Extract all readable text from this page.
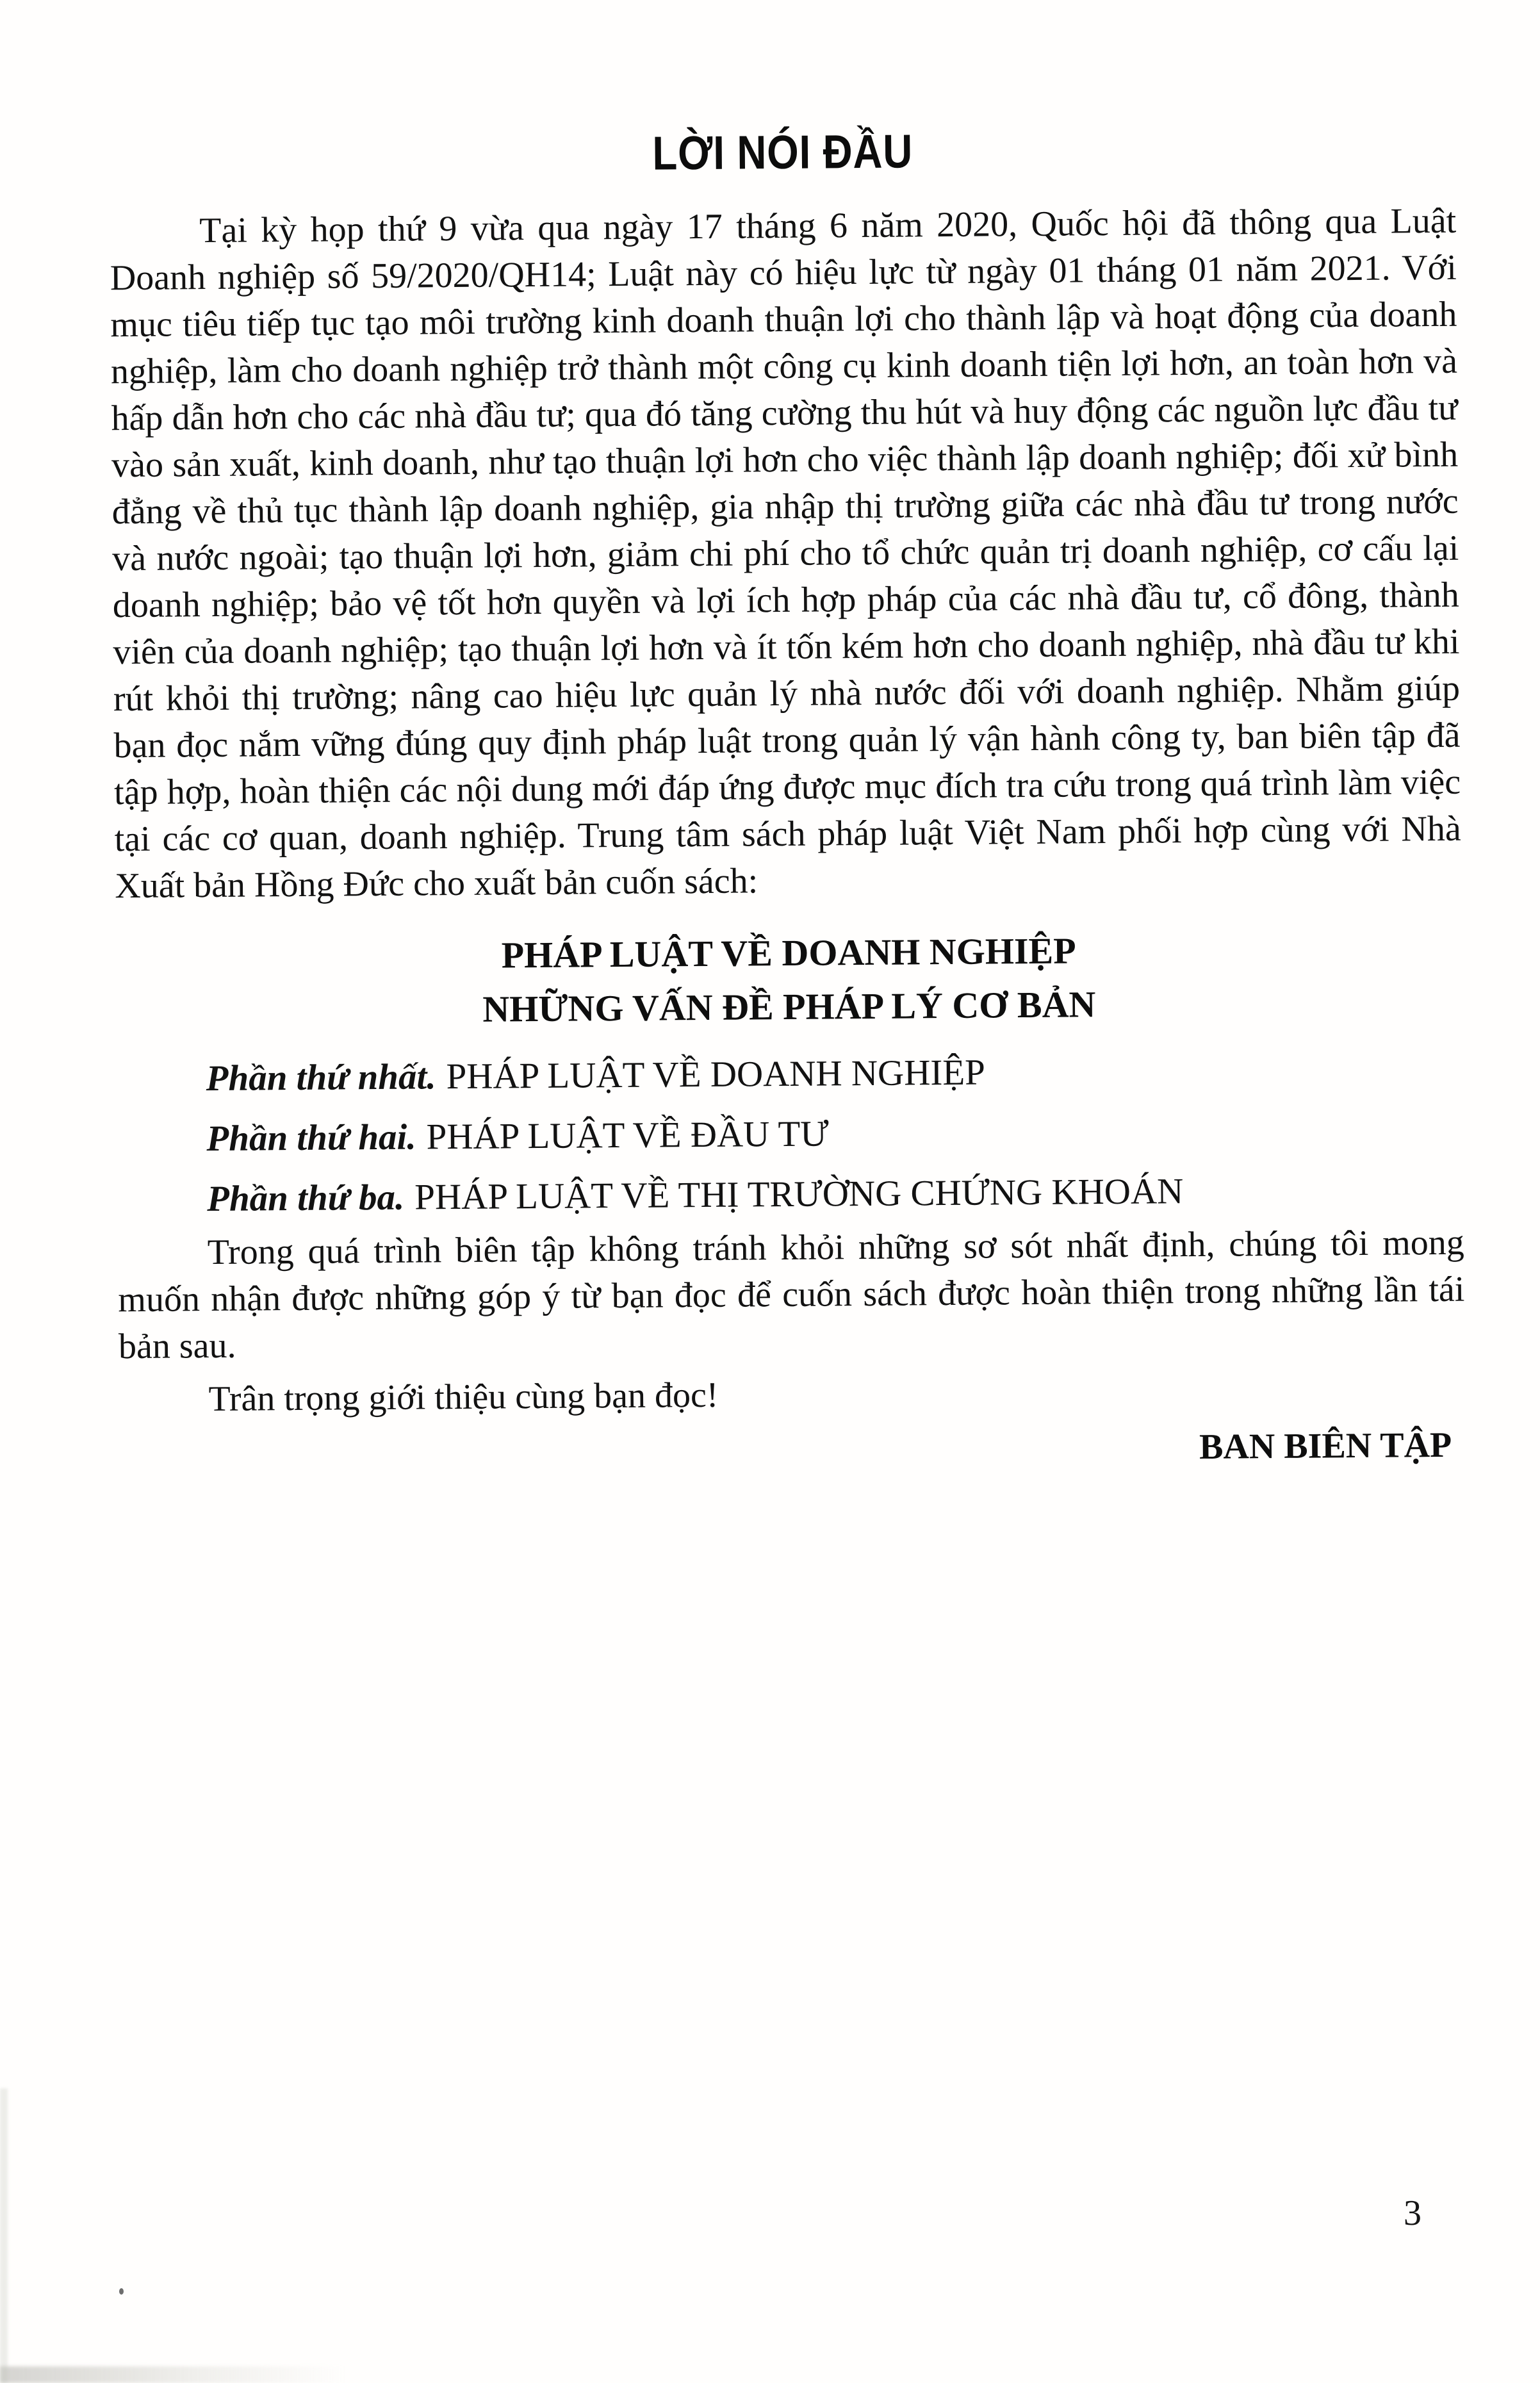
LỜI NÓI ĐẦU

Tại kỳ họp thứ 9 vừa qua ngày 17 tháng 6 năm 2020, Quốc hội đã thông qua Luật Doanh nghiệp số 59/2020/QH14; Luật này có hiệu lực từ ngày 01 tháng 01 năm 2021. Với mục tiêu tiếp tục tạo môi trường kinh doanh thuận lợi cho thành lập và hoạt động của doanh nghiệp, làm cho doanh nghiệp trở thành một công cụ kinh doanh tiện lợi hơn, an toàn hơn và hấp dẫn hơn cho các nhà đầu tư; qua đó tăng cường thu hút và huy động các nguồn lực đầu tư vào sản xuất, kinh doanh, như tạo thuận lợi hơn cho việc thành lập doanh nghiệp; đối xử bình đẳng về thủ tục thành lập doanh nghiệp, gia nhập thị trường giữa các nhà đầu tư trong nước và nước ngoài; tạo thuận lợi hơn, giảm chi phí cho tổ chức quản trị doanh nghiệp, cơ cấu lại doanh nghiệp; bảo vệ tốt hơn quyền và lợi ích hợp pháp của các nhà đầu tư, cổ đông, thành viên của doanh nghiệp; tạo thuận lợi hơn và ít tốn kém hơn cho doanh nghiệp, nhà đầu tư khi rút khỏi thị trường; nâng cao hiệu lực quản lý nhà nước đối với doanh nghiệp. Nhằm giúp bạn đọc nắm vững đúng quy định pháp luật trong quản lý vận hành công ty, ban biên tập đã tập hợp, hoàn thiện các nội dung mới đáp ứng được mục đích tra cứu trong quá trình làm việc tại các cơ quan, doanh nghiệp. Trung tâm sách pháp luật Việt Nam phối hợp cùng với Nhà Xuất bản Hồng Đức cho xuất bản cuốn sách:

PHÁP LUẬT VỀ DOANH NGHIỆP
NHỮNG VẤN ĐỀ PHÁP LÝ CƠ BẢN
Phần thứ nhất. PHÁP LUẬT VỀ DOANH NGHIỆP
Phần thứ hai. PHÁP LUẬT VỀ ĐẦU TƯ
Phần thứ ba. PHÁP LUẬT VỀ THỊ TRƯỜNG CHỨNG KHOÁN

Trong quá trình biên tập không tránh khỏi những sơ sót nhất định, chúng tôi mong muốn nhận được những góp ý từ bạn đọc để cuốn sách được hoàn thiện trong những lần tái bản sau.

Trân trọng giới thiệu cùng bạn đọc!

BAN BIÊN TẬP
3
